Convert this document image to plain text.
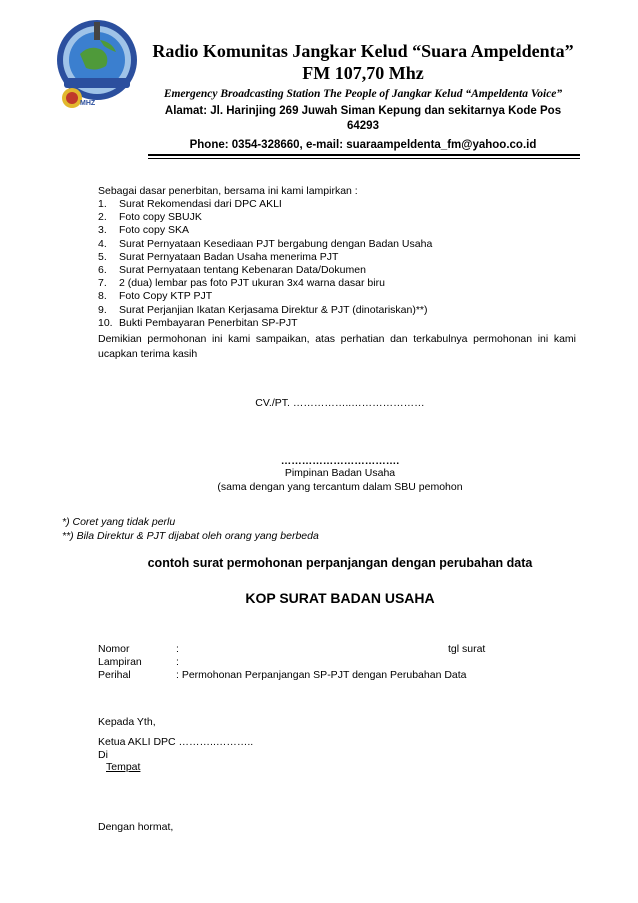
MHZ
Radio Komunitas Jangkar Kelud “Suara Ampeldenta”
FM 107,70 Mhz
Emergency Broadcasting Station The People of Jangkar Kelud “Ampeldenta Voice”
Alamat: Jl. Harinjing 269 Juwah Siman Kepung dan sekitarnya Kode Pos
64293
Phone: 0354-328660, e-mail: suaraampeldenta_fm@yahoo.co.id
Sebagai dasar penerbitan, bersama ini kami lampirkan :
1.	Surat Rekomendasi dari DPC AKLI
2.	Foto copy SBUJK
3.	Foto copy SKA
4.	Surat Pernyataan Kesediaan PJT bergabung dengan Badan Usaha
5.	Surat Pernyataan Badan Usaha menerima PJT
6.	Surat Pernyataan tentang Kebenaran Data/Dokumen
7.	2 (dua) lembar pas foto PJT ukuran 3x4 warna dasar biru
8.	Foto Copy KTP PJT
9.	Surat Perjanjian Ikatan Kerjasama Direktur & PJT (dinotariskan)**)
10. Bukti Pembayaran Penerbitan SP-PJT
Demikian permohonan ini kami sampaikan, atas perhatian dan terkabulnya permohonan ini kami ucapkan terima kasih
CV./PT. ……………..…………………
…………………………….
Pimpinan Badan Usaha
(sama dengan yang tercantum dalam SBU pemohon
*) Coret yang tidak perlu
**) Bila Direktur & PJT dijabat oleh orang yang berbeda
contoh surat permohonan perpanjangan dengan perubahan data
KOP SURAT BADAN USAHA
Nomor	:	tgl surat
Lampiran	:
Perihal	: Permohonan Perpanjangan SP-PJT dengan Perubahan Data
Kepada Yth,
Ketua AKLI DPC ………..………..
Di
Tempat
Dengan hormat,
